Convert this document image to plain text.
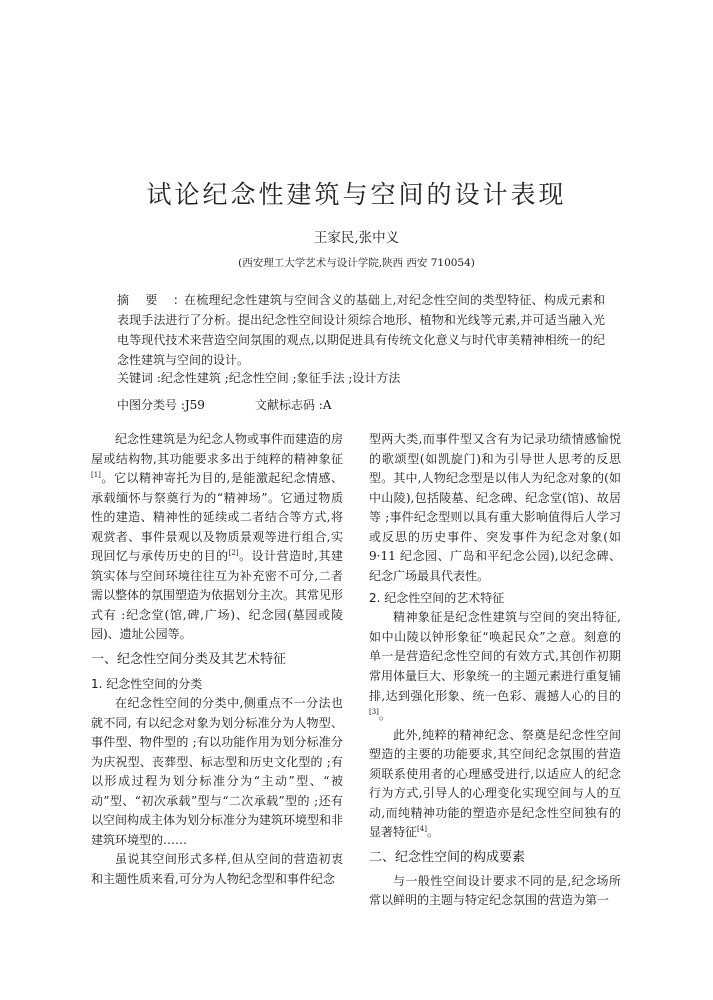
试论纪念性建筑与空间的设计表现
王家民,张中义
(西安理工大学艺术与设计学院,陕西 西安 710054)
摘 要 :在梳理纪念性建筑与空间含义的基础上,对纪念性空间的类型特征、构成元素和表现手法进行了分析。提出纪念性空间设计须综合地形、植物和光线等元素,并可适当融入光电等现代技术来营造空间氛围的观点,以期促进具有传统文化意义与时代审美精神相统一的纪念性建筑与空间的设计。
关键词 :纪念性建筑 ;纪念性空间 ;象征手法 ;设计方法
中图分类号 :J59	文献标志码 :A

纪念性建筑是为纪念人物或事件而建造的房屋或结构物,其功能要求多出于纯粹的精神象征[1]。它以精神寄托为目的,是能激起纪念情感、承载缅怀与祭奠行为的“精神场”。它通过物质性的建造、精神性的延续或二者结合等方式,将观赏者、事件景观以及物质景观等进行组合,实现回忆与承传历史的目的[2]。设计营造时,其建筑实体与空间环境往往互为补充密不可分,二者需以整体的氛围塑造为依据划分主次。其常见形式有 :纪念堂(馆,碑,广场)、纪念园(墓园或陵园)、遗址公园等。

一、纪念性空间分类及其艺术特征
1. 纪念性空间的分类

在纪念性空间的分类中,侧重点不一分法也就不同, 有以纪念对象为划分标准分为人物型、事件型、物件型的 ;有以功能作用为划分标准分为庆祝型、丧葬型、标志型和历史文化型的 ;有以形成过程为划分标准分为“主动”型、“被动”型、“初次承载”型与“二次承载”型的 ;还有以空间构成主体为划分标准分为建筑环境型和非建筑环境型的……

虽说其空间形式多样,但从空间的营造初衷和主题性质来看,可分为人物纪念型和事件纪念

型两大类,而事件型又含有为记录功绩情感愉悦的歌颂型(如凯旋门)和为引导世人思考的反思型。其中,人物纪念型是以伟人为纪念对象的(如中山陵),包括陵墓、纪念碑、纪念堂(馆)、故居等 ;事件纪念型则以具有重大影响值得后人学习或反思的历史事件、突发事件为纪念对象(如9·11 纪念园、广岛和平纪念公园),以纪念碑、纪念广场最具代表性。

2. 纪念性空间的艺术特征

精神象征是纪念性建筑与空间的突出特征,如中山陵以钟形象征“唤起民众”之意。刻意的单一是营造纪念性空间的有效方式,其创作初期常用体量巨大、形象统一的主题元素进行重复铺排,达到强化形象、统一色彩、震撼人心的目的[3]。

此外,纯粹的精神纪念、祭奠是纪念性空间塑造的主要的功能要求,其空间纪念氛围的营造须联系使用者的心理感受进行,以适应人的纪念行为方式,引导人的心理变化实现空间与人的互动,而纯精神功能的塑造亦是纪念性空间独有的显著特征[4]。

二、纪念性空间的构成要素

与一般性空间设计要求不同的是,纪念场所常以鲜明的主题与特定纪念氛围的营造为第一
